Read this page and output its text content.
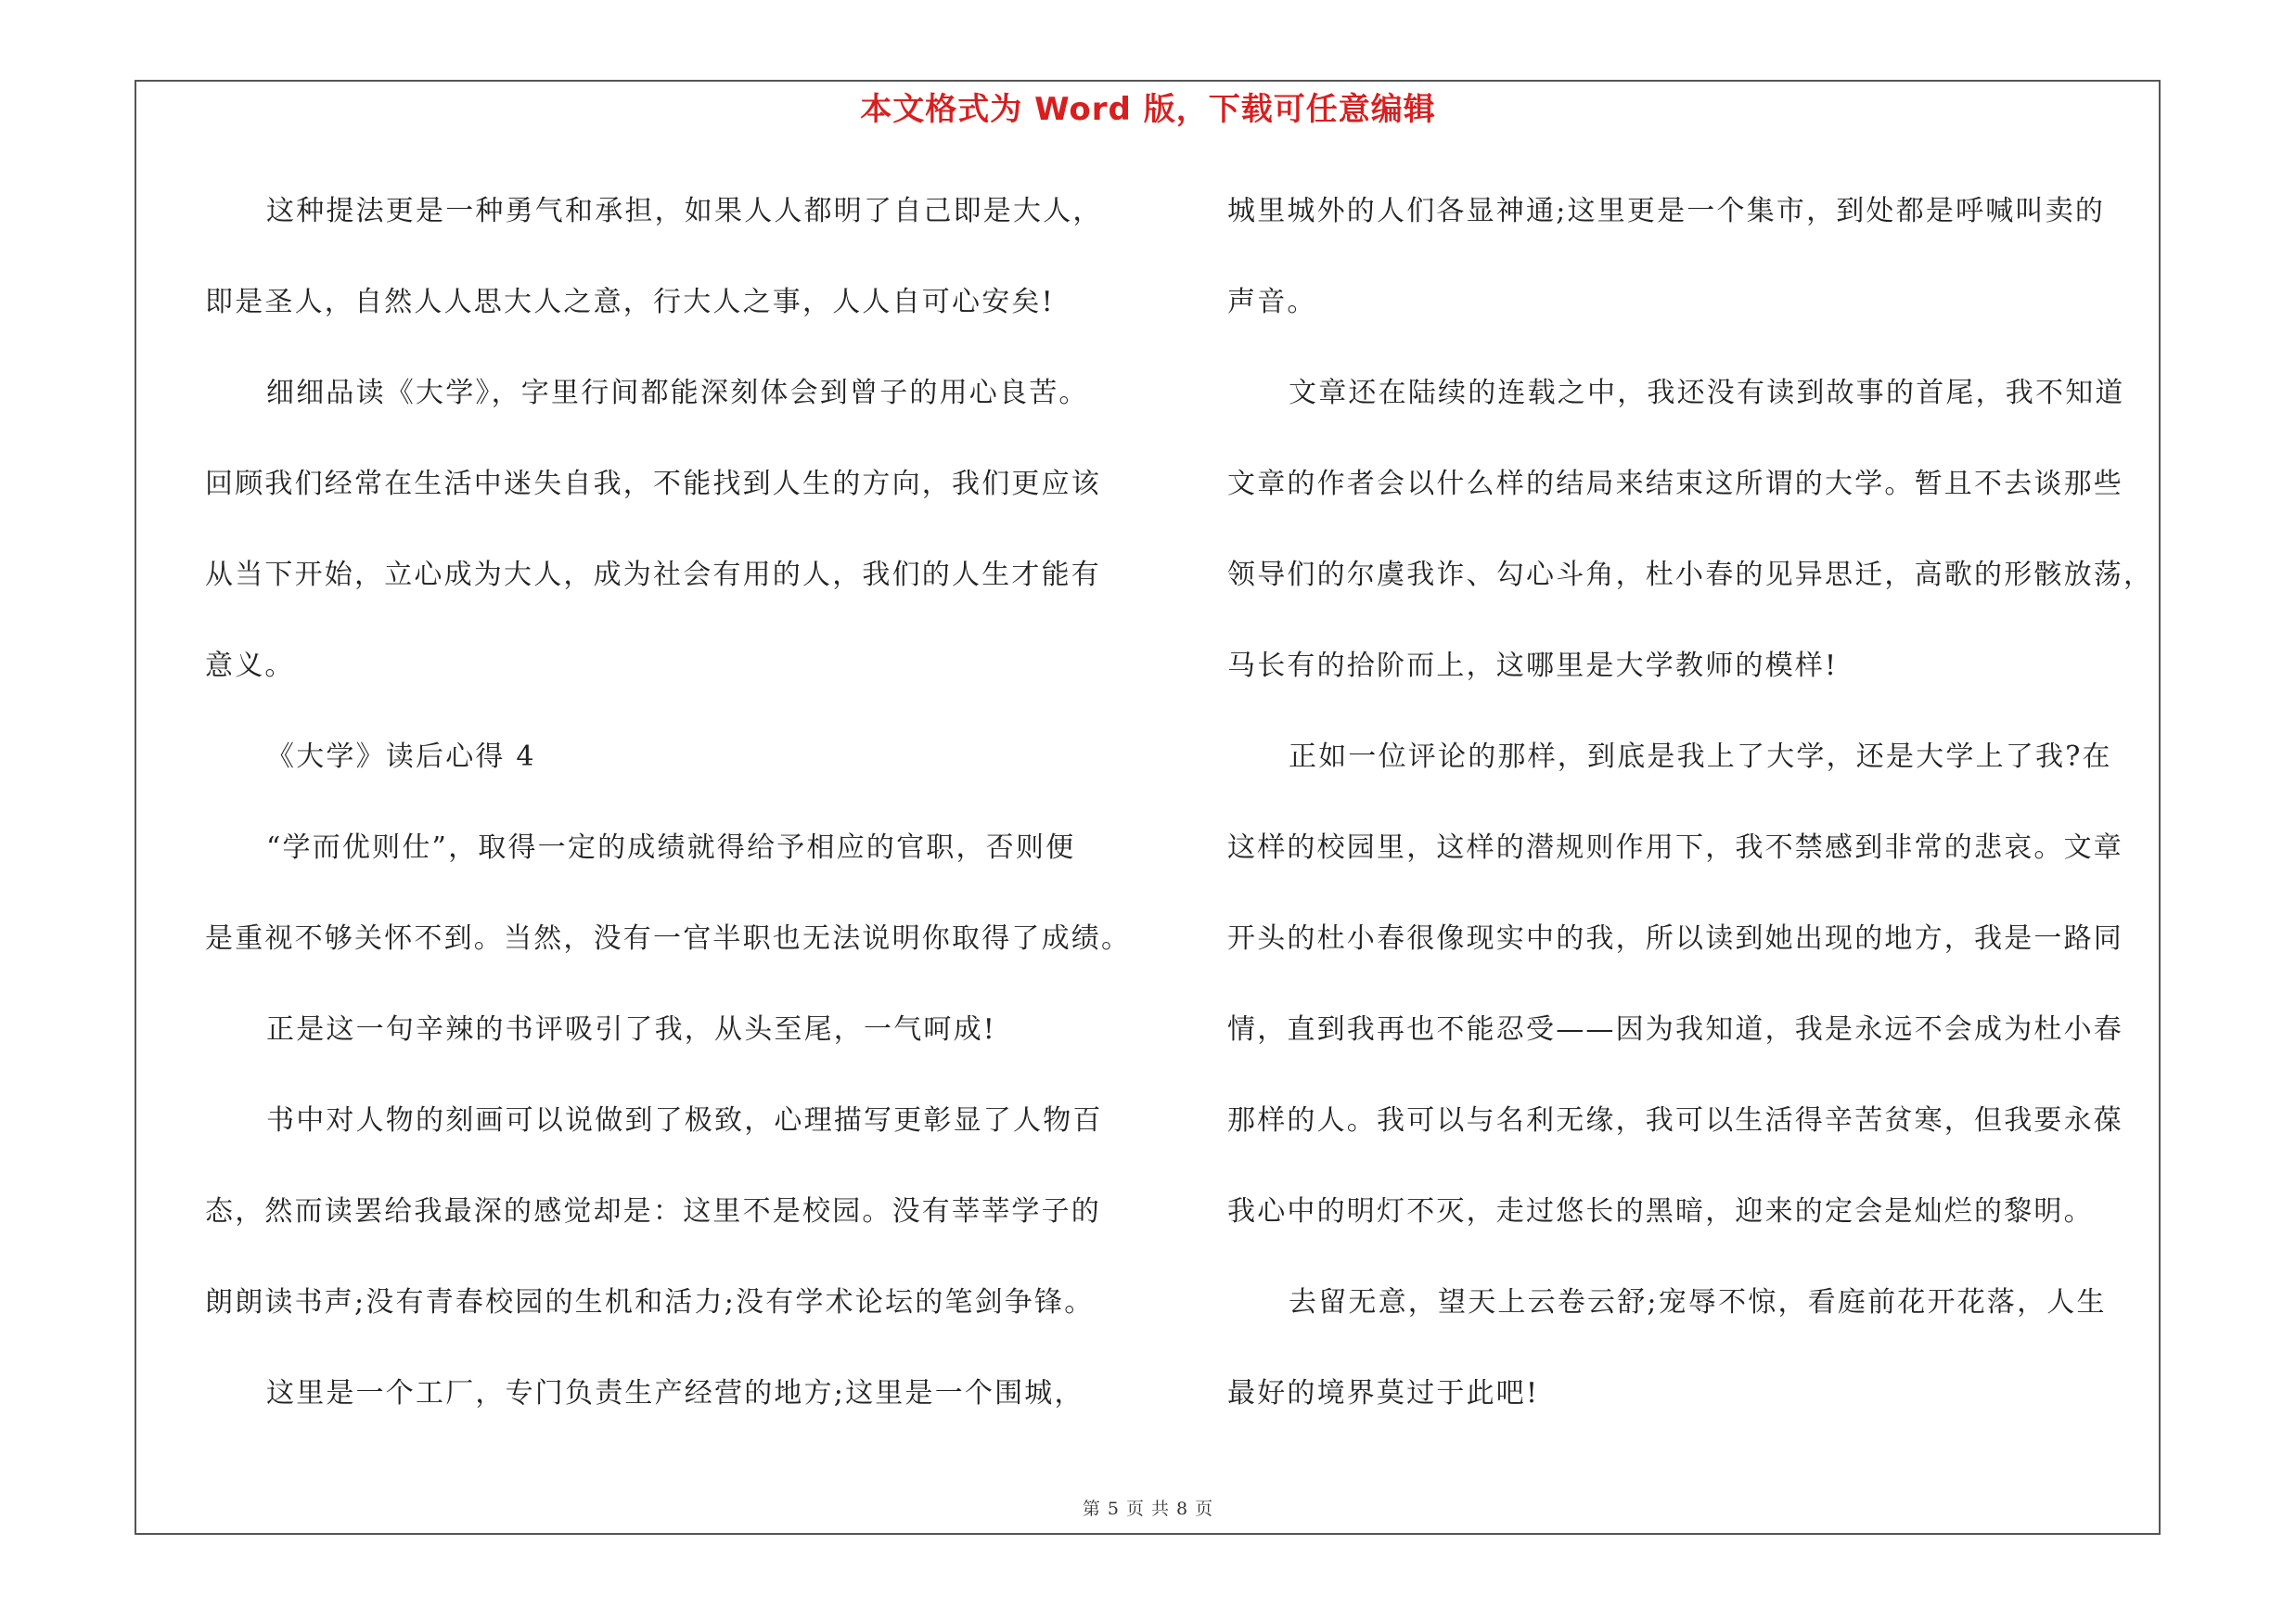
本文格式为 Word 版，下载可任意编辑
这种提法更是一种勇气和承担，如果人人都明了自己即是大人，
即是圣人，自然人人思大人之意，行大人之事，人人自可心安矣!
细细品读《大学》，字里行间都能深刻体会到曾子的用心良苦。
回顾我们经常在生活中迷失自我，不能找到人生的方向，我们更应该
从当下开始，立心成为大人，成为社会有用的人，我们的人生才能有
意义。
《大学》读后心得 4
“学而优则仕”，取得一定的成绩就得给予相应的官职，否则便
是重视不够关怀不到。当然，没有一官半职也无法说明你取得了成绩。
正是这一句辛辣的书评吸引了我，从头至尾，一气呵成!
书中对人物的刻画可以说做到了极致，心理描写更彰显了人物百
态，然而读罢给我最深的感觉却是：这里不是校园。没有莘莘学子的
朗朗读书声;没有青春校园的生机和活力;没有学术论坛的笔剑争锋。
这里是一个工厂，专门负责生产经营的地方;这里是一个围城，
城里城外的人们各显神通;这里更是一个集市，到处都是呼喊叫卖的
声音。
文章还在陆续的连载之中，我还没有读到故事的首尾，我不知道
文章的作者会以什么样的结局来结束这所谓的大学。暂且不去谈那些
领导们的尔虞我诈、勾心斗角，杜小春的见异思迁，高歌的形骸放荡，
马长有的拾阶而上，这哪里是大学教师的模样!
正如一位评论的那样，到底是我上了大学，还是大学上了我?在
这样的校园里，这样的潜规则作用下，我不禁感到非常的悲哀。文章
开头的杜小春很像现实中的我，所以读到她出现的地方，我是一路同
情，直到我再也不能忍受——因为我知道，我是永远不会成为杜小春
那样的人。我可以与名利无缘，我可以生活得辛苦贫寒，但我要永葆
我心中的明灯不灭，走过悠长的黑暗，迎来的定会是灿烂的黎明。
去留无意，望天上云卷云舒;宠辱不惊，看庭前花开花落，人生
最好的境界莫过于此吧!
第 5 页 共 8 页
